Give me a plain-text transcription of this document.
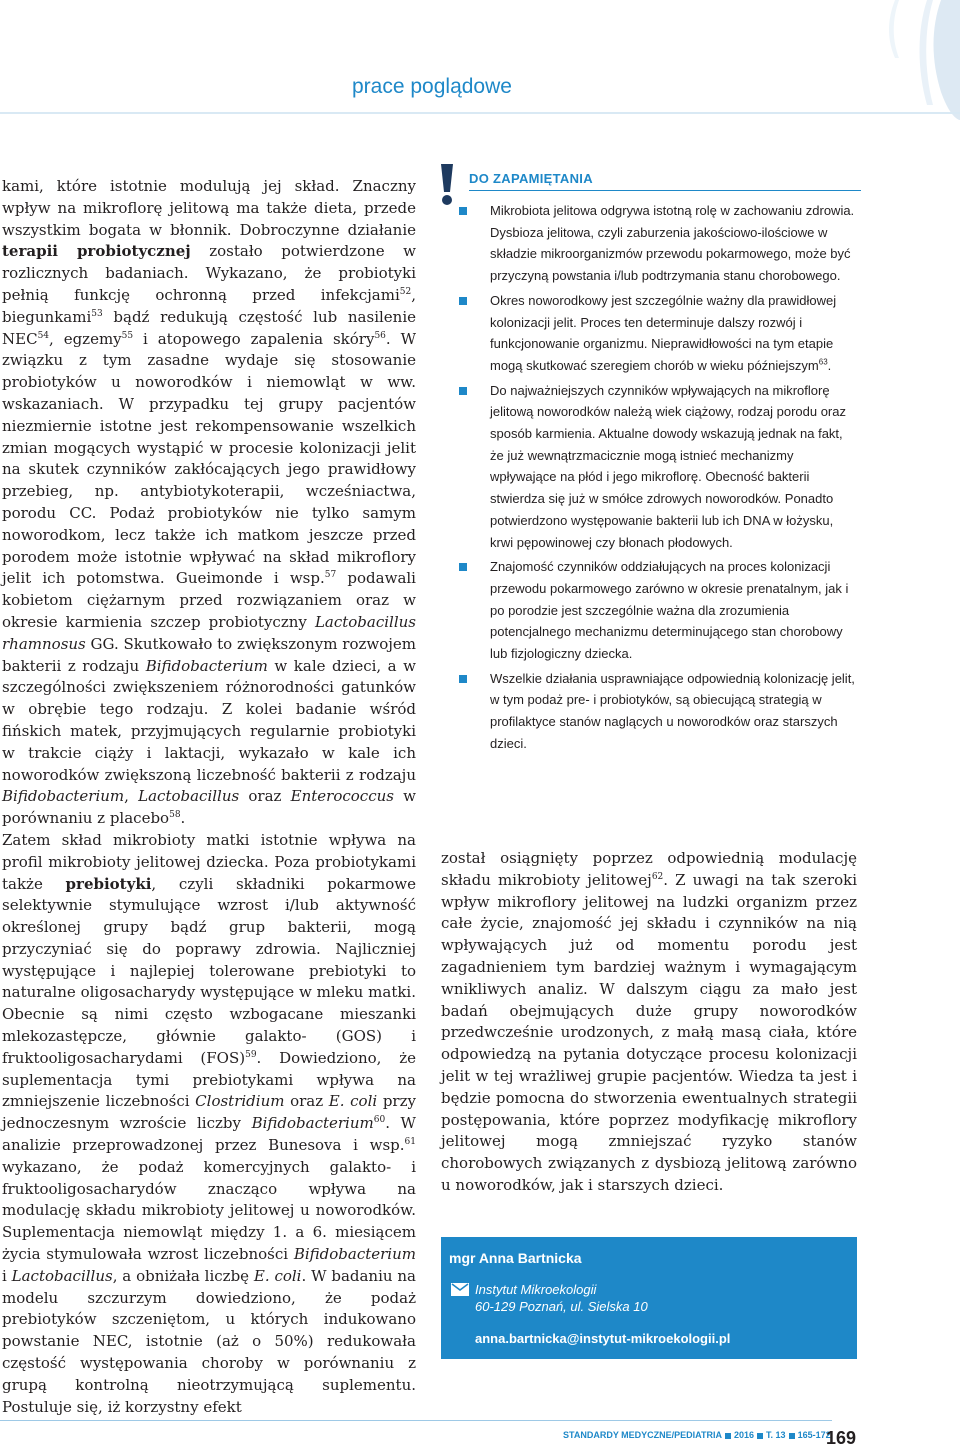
prace poglądowe

kami, które istotnie modulują jej skład. Znaczny wpływ na mikroflorę jelitową ma także dieta, przede wszystkim bogata w błonnik. Dobroczynne działanie terapii probiotycznej zostało potwierdzone w rozlicznych badaniach. Wykazano, że probiotyki pełnią funkcję ochronną przed infekcjami$^{52}$, biegunkami$^{53}$ bądź redukują częstość lub nasilenie NEC$^{54}$, egzemy$^{55}$ i atopowego zapalenia skóry$^{56}$. W związku z tym zasadne wydaje się stosowanie probiotyków u noworodków i niemowląt w ww. wskazaniach. W przypadku tej grupy pacjentów niezmiernie istotne jest rekompensowanie wszelkich zmian mogących wystąpić w procesie kolonizacji jelit na skutek czynników zakłócających jego prawidłowy przebieg, np. antybiotykoterapii, wcześniactwa, porodu CC. Podaż probiotyków nie tylko samym noworodkom, lecz także ich matkom jeszcze przed porodem może istotnie wpływać na skład mikroflory jelit ich potomstwa. Gueimonde i wsp.$^{57}$ podawali kobietom ciężarnym przed rozwiązaniem oraz w okresie karmienia szczep probiotyczny Lactobacillus rhamnosus GG. Skutkowało to zwiększonym rozwojem bakterii z rodzaju Bifidobacterium w kale dzieci, a w szczególności zwiększeniem różnorodności gatunków w obrębie tego rodzaju. Z kolei badanie wśród fińskich matek, przyjmujących regularnie probiotyki w trakcie ciąży i laktacji, wykazało w kale ich noworodków zwiększoną liczebność bakterii z rodzaju Bifidobacterium, Lactobacillus oraz Enterococcus w porównaniu z placebo$^{58}$.

Zatem skład mikrobioty matki istotnie wpływa na profil mikrobioty jelitowej dziecka. Poza probiotykami także prebiotyki, czyli składniki pokarmowe selektywnie stymulujące wzrost i/lub aktywność określonej grupy bądź grup bakterii, mogą przyczyniać się do poprawy zdrowia. Najliczniej występujące i najlepiej tolerowane prebiotyki to naturalne oligosacharydy występujące w mleku matki. Obecnie są nimi często wzbogacane mieszanki mlekozastępcze, głównie galakto- (GOS) i fruktooligosacharydami (FOS)$^{59}$. Dowiedziono, że suplementacja tymi prebiotykami wpływa na zmniejszenie liczebności Clostridium oraz E. coli przy jednoczesnym wzroście liczby Bifidobacterium$^{60}$. W analizie przeprowadzonej przez Bunesova i wsp.$^{61}$ wykazano, że podaż komercyjnych galakto- i fruktooligosacharydów znacząco wpływa na modulację składu mikrobioty jelitowej u noworodków. Suplementacja niemowląt między 1. a 6. miesiącem życia stymulowała wzrost liczebności Bifidobacterium i Lactobacillus, a obniżała liczbę E. coli. W badaniu na modelu szczurzym dowiedziono, że podaż prebiotyków szczeniętom, u których indukowano powstanie NEC, istotnie (aż o 50%) redukowała częstość występowania choroby w porównaniu z grupą kontrolną nieotrzymującą suplementu. Postuluje się, iż korzystny efekt

DO ZAPAMIĘTANIA
Mikrobiota jelitowa odgrywa istotną rolę w zachowaniu zdrowia. Dysbioza jelitowa, czyli zaburzenia jakościowo-ilościowe w składzie mikroorganizmów przewodu pokarmowego, może być przyczyną powstania i/lub podtrzymania stanu chorobowego.
Okres noworodkowy jest szczególnie ważny dla prawidłowej kolonizacji jelit. Proces ten determinuje dalszy rozwój i funkcjonowanie organizmu. Nieprawidłowości na tym etapie mogą skutkować szeregiem chorób w wieku późniejszym$^{63}$.
Do najważniejszych czynników wpływających na mikroflorę jelitową noworodków należą wiek ciążowy, rodzaj porodu oraz sposób karmienia. Aktualne dowody wskazują jednak na fakt, że już wewnątrzmacicznie mogą istnieć mechanizmy wpływające na płód i jego mikroflorę. Obecność bakterii stwierdza się już w smółce zdrowych noworodków. Ponadto potwierdzono występowanie bakterii lub ich DNA w łożysku, krwi pępowinowej czy błonach płodowych.
Znajomość czynników oddziałujących na proces kolonizacji przewodu pokarmowego zarówno w okresie prenatalnym, jak i po porodzie jest szczególnie ważna dla zrozumienia potencjalnego mechanizmu determinującego stan chorobowy lub fizjologiczny dziecka.
Wszelkie działania usprawniające odpowiednią kolonizację jelit, w tym podaż pre- i probiotyków, są obiecującą strategią w profilaktyce stanów naglących u noworodków oraz starszych dzieci.

został osiągnięty poprzez odpowiednią modulację składu mikrobioty jelitowej$^{62}$. Z uwagi na tak szeroki wpływ mikroflory jelitowej na ludzki organizm przez całe życie, znajomość jej składu i czynników na nią wpływających już od momentu porodu jest zagadnieniem tym bardziej ważnym i wymagającym wnikliwych analiz. W dalszym ciągu za mało jest badań obejmujących duże grupy noworodków przedwcześnie urodzonych, z małą masą ciała, które odpowiedzą na pytania dotyczące procesu kolonizacji jelit w tej wrażliwej grupie pacjentów. Wiedza ta jest i będzie pomocna do stworzenia ewentualnych strategii postępowania, które poprzez modyfikację mikroflory jelitowej mogą zmniejszać ryzyko stanów chorobowych związanych z dysbiozą jelitową zarówno u noworodków, jak i starszych dzieci.

mgr Anna Bartnicka
Instytut Mikroekologii
60-129 Poznań, ul. Sielska 10
anna.bartnicka@instytut-mikroekologii.pl
STANDARDY MEDYCZNE/PEDIATRIA 2016 T. 13 165-172
169
